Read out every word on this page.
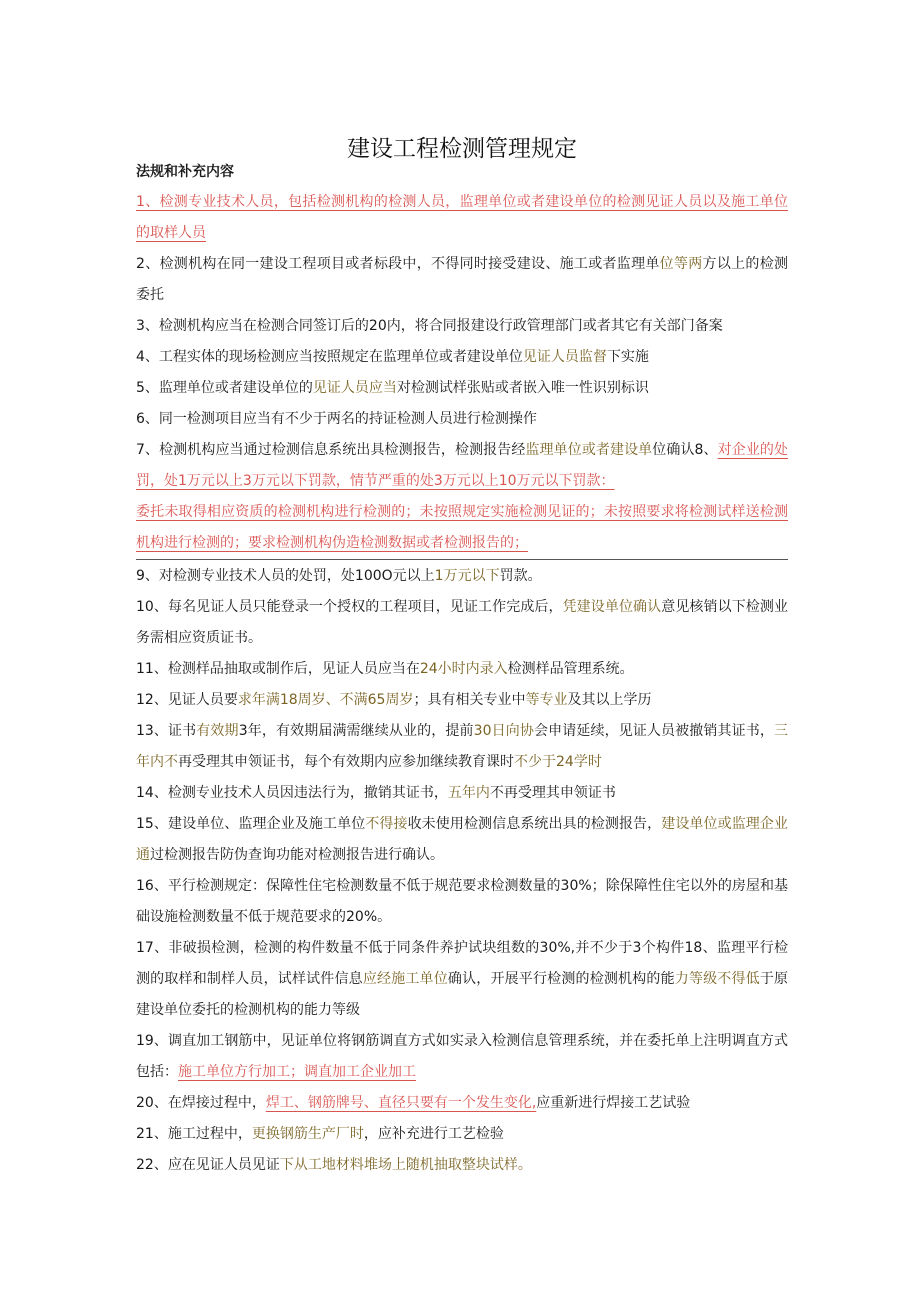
建设工程检测管理规定
法规和补充内容

1、检测专业技术人员，包括检测机构的检测人员，监理单位或者建设单位的检测见证人员以及施工单位的取样人员

2、检测机构在同一建设工程项目或者标段中，不得同时接受建设、施工或者监理单位等两方以上的检测委托

3、检测机构应当在检测合同签订后的20内，将合同报建设行政管理部门或者其它有关部门备案

4、工程实体的现场检测应当按照规定在监理单位或者建设单位见证人员监督下实施

5、监理单位或者建设单位的见证人员应当对检测试样张贴或者嵌入唯一性识别标识

6、同一检测项目应当有不少于两名的持证检测人员进行检测操作

7、检测机构应当通过检测信息系统出具检测报告，检测报告经监理单位或者建设单位确认8、对企业的处罚，处1万元以上3万元以下罚款，情节严重的处3万元以上10万元以下罚款：

委托未取得相应资质的检测机构进行检测的；未按照规定实施检测见证的；未按照要求将检测试样送检测机构进行检测的；要求检测机构伪造检测数据或者检测报告的；

9、对检测专业技术人员的处罚，处100O元以上1万元以下罚款。

10、每名见证人员只能登录一个授权的工程项目，见证工作完成后，凭建设单位确认意见核销以下检测业务需相应资质证书。

11、检测样品抽取或制作后，见证人员应当在24小时内录入检测样品管理系统。

12、见证人员要求年满18周岁、不满65周岁；具有相关专业中等专业及其以上学历

13、证书有效期3年，有效期届满需继续从业的，提前30日向协会申请延续，见证人员被撤销其证书，三年内不再受理其申领证书，每个有效期内应参加继续教育课时不少于24学时

14、检测专业技术人员因违法行为，撤销其证书，五年内不再受理其申领证书

15、建设单位、监理企业及施工单位不得接收未使用检测信息系统出具的检测报告，建设单位或监理企业通过检测报告防伪查询功能对检测报告进行确认。

16、平行检测规定：保障性住宅检测数量不低于规范要求检测数量的30%；除保障性住宅以外的房屋和基础设施检测数量不低于规范要求的20%。

17、非破损检测，检测的构件数量不低于同条件养护试块组数的30%,并不少于3个构件18、监理平行检测的取样和制样人员，试样试件信息应经施工单位确认，开展平行检测的检测机构的能力等级不得低于原建设单位委托的检测机构的能力等级

19、调直加工钢筋中，见证单位将钢筋调直方式如实录入检测信息管理系统，并在委托单上注明调直方式包括：施工单位方行加工；调直加工企业加工

20、在焊接过程中，焊工、钢筋牌号、直径只要有一个发生变化,应重新进行焊接工艺试验

21、施工过程中，更换钢筋生产厂时，应补充进行工艺检验

22、应在见证人员见证下从工地材料堆场上随机抽取整块试样。
